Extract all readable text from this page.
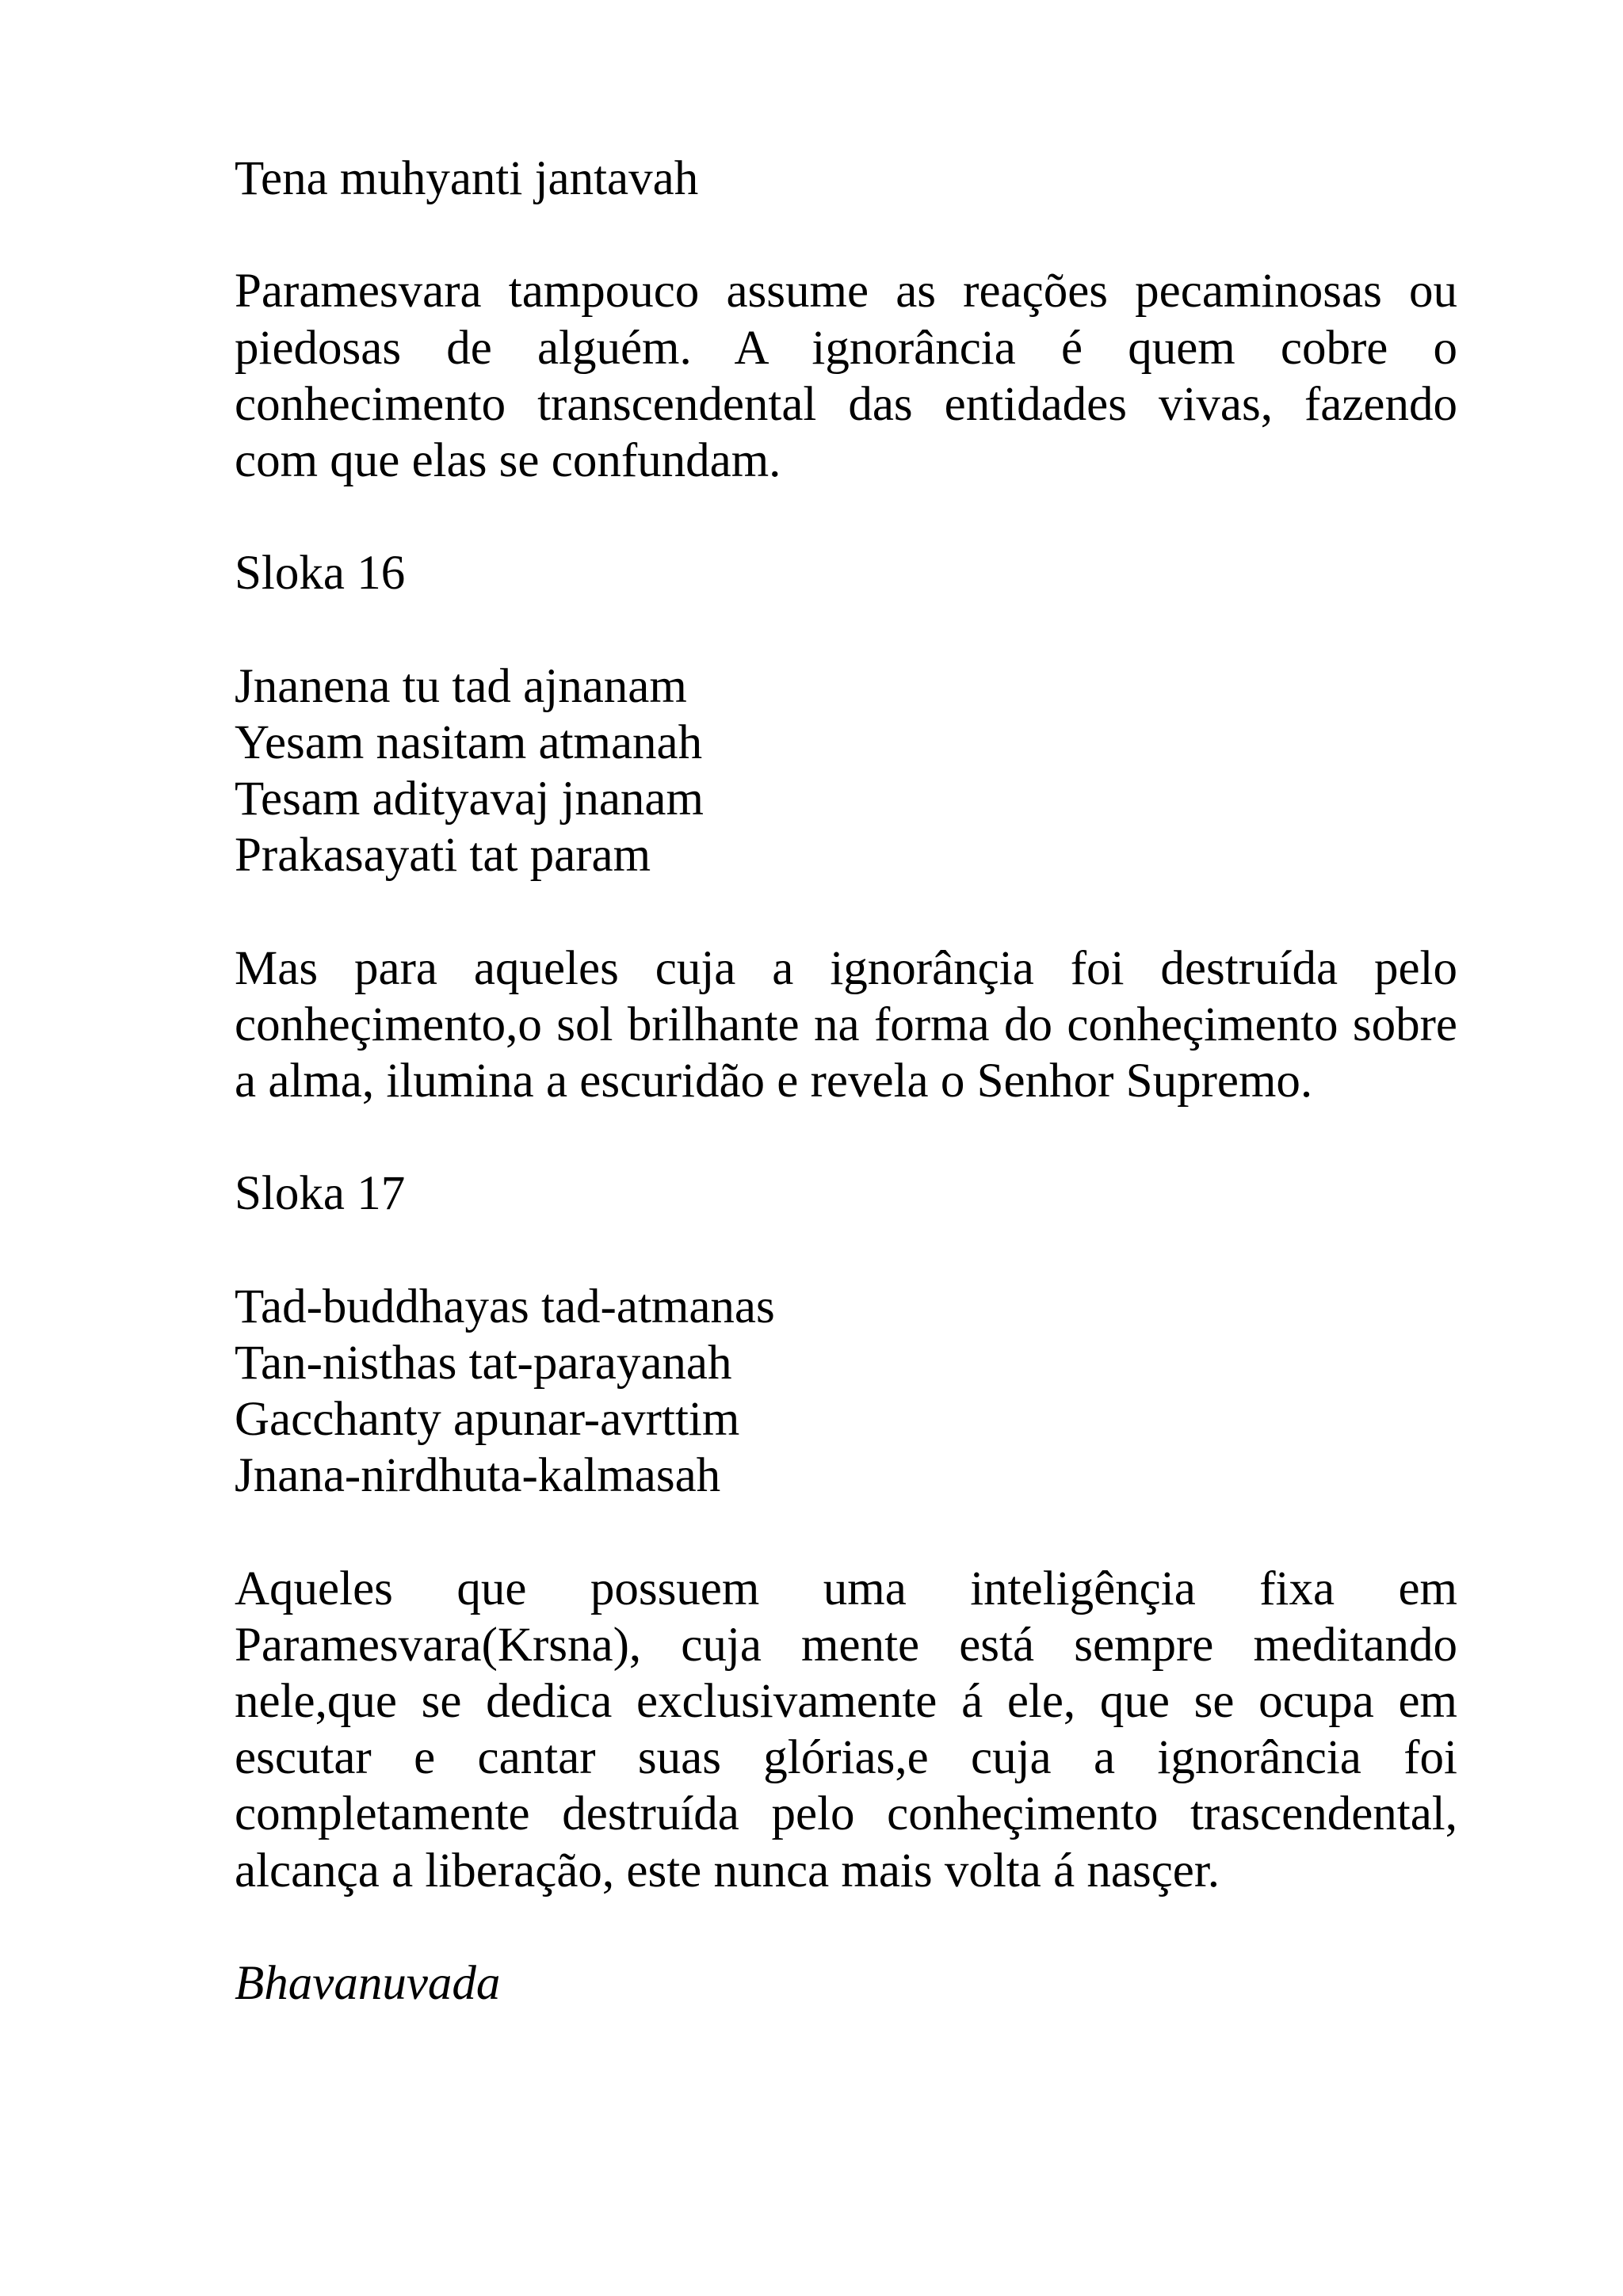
Tena muhyanti jantavah
Paramesvara tampouco assume as reações pecaminosas ou
piedosas de alguém. A ignorância é quem cobre o
conhecimento transcendental das entidades vivas, fazendo
com que elas se confundam.
Sloka 16
Jnanena tu tad ajnanam
Yesam nasitam atmanah
Tesam adityavaj jnanam
Prakasayati tat param
Mas para aqueles cuja a ignorânçia foi destruída pelo
conheçimento,o sol brilhante na forma do conheçimento sobre
a alma, ilumina a escuridão e revela o Senhor Supremo.
Sloka 17
Tad-buddhayas tad-atmanas
Tan-nisthas tat-parayanah
Gacchanty apunar-avrttim
Jnana-nirdhuta-kalmasah
Aqueles que possuem uma inteligênçia fixa em
Paramesvara(Krsna), cuja mente está sempre meditando
nele,que se dedica exclusivamente á ele, que se ocupa em
escutar e cantar suas glórias,e cuja a ignorância foi
completamente destruída pelo conheçimento trascendental,
alcança a liberação, este nunca mais volta á nasçer.
Bhavanuvada
